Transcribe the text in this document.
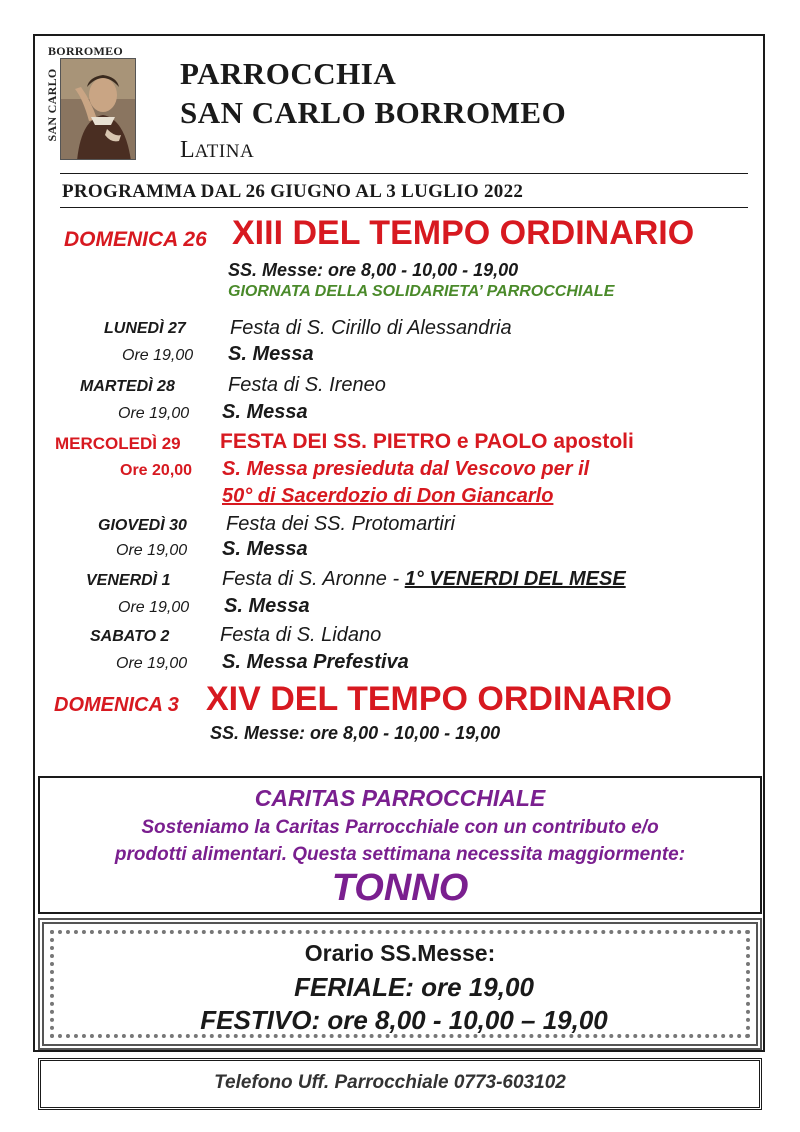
BORROMEO
SAN CARLO	PARROCCHIA
SAN CARLO BORROMEO
LATINA
PROGRAMMA DAL 26 GIUGNO AL 3 LUGLIO 2022
DOMENICA 26 XIII DEL TEMPO ORDINARIO
SS. Messe: ore 8,00 - 10,00 - 19,00
GIORNATA DELLA SOLIDARIETA’ PARROCCHIALE
LUNEDÌ 27 Festa di S. Cirillo di Alessandria
Ore 19,00 S. Messa
MARTEDÌ 28	Festa di S. Ireneo
Ore 19,00 S. Messa
MERCOLEDÌ 29 FESTA DEI SS. PIETRO e PAOLO apostoli
Ore 20,00 S. Messa presieduta dal Vescovo per il
50° di Sacerdozio di Don Giancarlo
GIOVEDÌ 30 Festa dei SS. Protomartiri
Ore 19,00 S. Messa
VENERDÌ 1	Festa di S. Aronne - 1° VENERDI DEL MESE
Ore 19,00 S. Messa
SABATO 2	Festa di S. Lidano
Ore 19,00 S. Messa Prefestiva
DOMENICA 3 XIV DEL TEMPO ORDINARIO
SS. Messe: ore 8,00 - 10,00 - 19,00
CARITAS PARROCCHIALE
Sosteniamo la Caritas Parrocchiale con un contributo e/o
prodotti alimentari. Questa settimana necessita maggiormente:
TONNO
Orario SS.Messe:
FERIALE: ore 19,00
FESTIVO: ore 8,00 - 10,00 – 19,00
Telefono Uff. Parrocchiale 0773-603102
